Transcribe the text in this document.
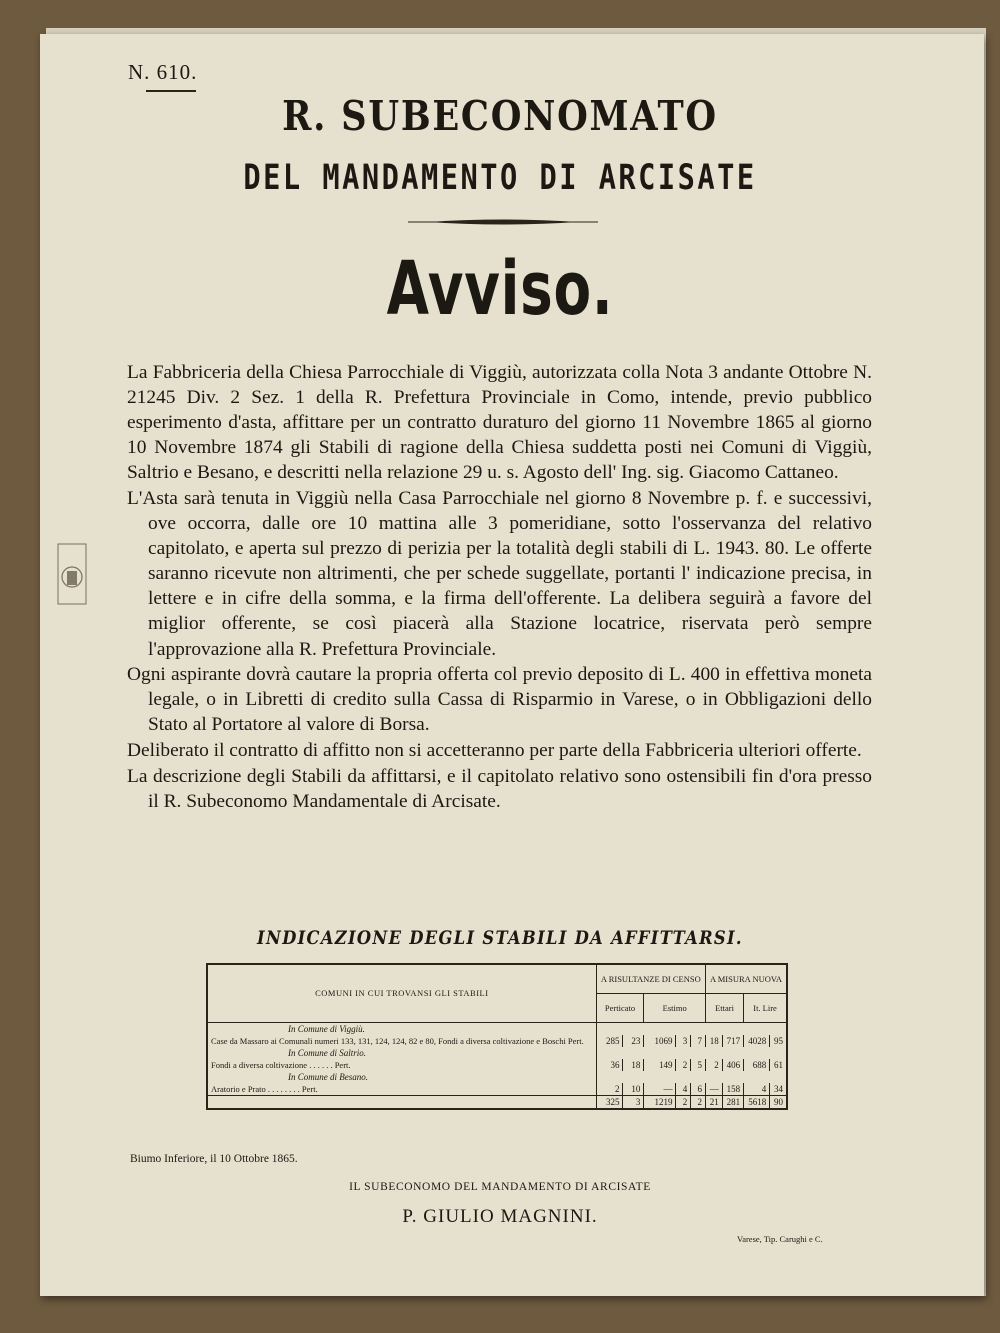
N. 610.
R. SUBECONOMATO
DEL MANDAMENTO DI ARCISATE
Avviso.

La Fabbriceria della Chiesa Parrocchiale di Viggiù, autorizzata colla Nota 3 andante Ottobre N. 21245 Div. 2 Sez. 1 della R. Prefettura Provinciale in Como, intende, previo pubblico esperimento d'asta, affittare per un contratto duraturo del giorno 11 Novembre 1865 al giorno 10 Novembre 1874 gli Stabili di ragione della Chiesa suddetta posti nei Comuni di Viggiù, Saltrio e Besano, e descritti nella relazione 29 u. s. Agosto dell' Ing. sig. Giacomo Cattaneo.

L'Asta sarà tenuta in Viggiù nella Casa Parrocchiale nel giorno 8 Novembre p. f. e successivi, ove occorra, dalle ore 10 mattina alle 3 pomeridiane, sotto l'osservanza del relativo capitolato, e aperta sul prezzo di perizia per la totalità degli stabili di L. 1943. 80. Le offerte saranno ricevute non altrimenti, che per schede suggellate, portanti l' indicazione precisa, in lettere e in cifre della somma, e la firma dell'offerente. La delibera seguirà a favore del miglior offerente, se così piacerà alla Stazione locatrice, riservata però sempre l'approvazione alla R. Prefettura Provinciale.

Ogni aspirante dovrà cautare la propria offerta col previo deposito di L. 400 in effettiva moneta legale, o in Libretti di credito sulla Cassa di Risparmio in Varese, o in Obbligazioni dello Stato al Portatore al valore di Borsa.

Deliberato il contratto di affitto non si accetteranno per parte della Fabbriceria ulteriori offerte.

La descrizione degli Stabili da affittarsi, e il capitolato relativo sono ostensibili fin d'ora presso il R. Subeconomo Mandamentale di Arcisate.

INDICAZIONE DEGLI STABILI DA AFFITTARSI.
COMUNI IN CUI TROVANSI GLI STABILI	A RISULTANZE DI CENSO					A MISURA NUOVA			
	Perticato		Estimo			Ettari		It. Lire	
In Comune di Viggiù.									
Case da Massaro ai Comunali numeri 133, 131, 124, 124, 82 e 80, Fondi a diversa coltivazione e Boschi Pert.	285	23	1069	3	7	18	717	4028	95
In Comune di Saltrio.									
Fondi a diversa coltivazione . . . . . . Pert.	36	18	149	2	5	2	406	688	61
In Comune di Besano.									
Aratorio e Prato . . . . . . . . Pert.	2	10	—	4	6	—	158	4	34
	325	3	1219	2	2	21	281	5618	90
Biumo Inferiore, il 10 Ottobre 1865.
IL SUBECONOMO DEL MANDAMENTO DI ARCISATE
P. GIULIO MAGNINI.
Varese, Tip. Carughi e C.
